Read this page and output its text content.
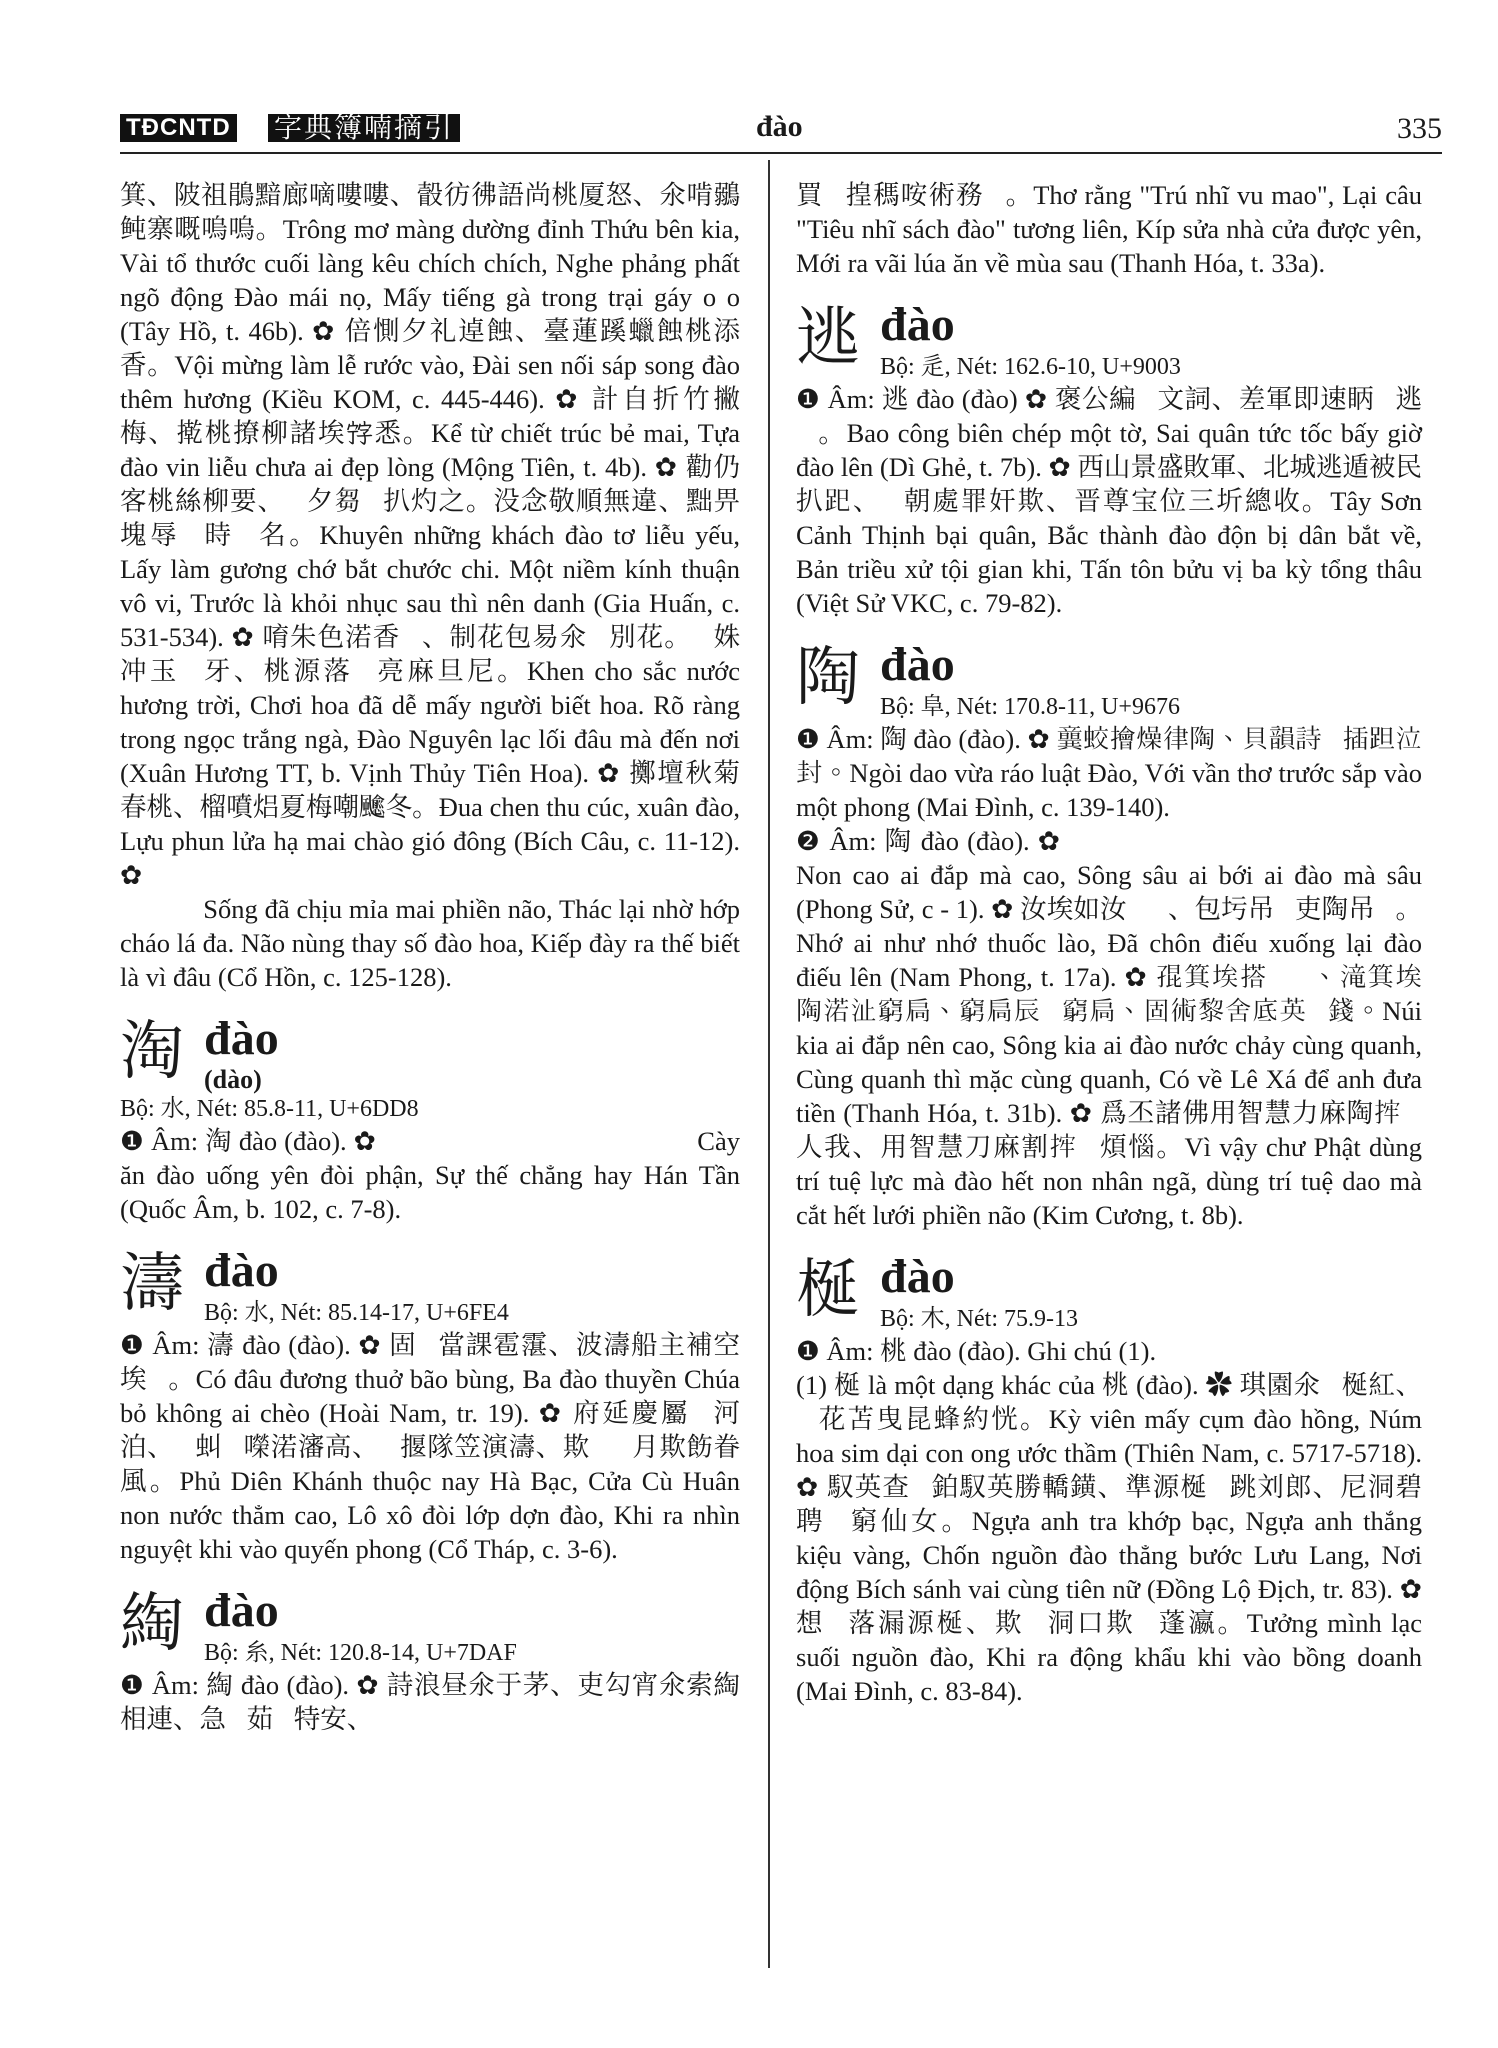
TĐCNTD 字典簿喃摘引	đào	335

箕、陂祖鵑黯廊嘀嘍嘍、瞉彷彿語尚桃厦怒、氽啃鶸鲀寨嘅嗚嗚。Trông mơ màng dường đỉnh Thứu bên kia, Vài tổ thước cuối làng kêu chích chích, Nghe phảng phất ngõ động Đào mái nọ, Mấy tiếng gà trong trại gáy o o (Tây Hồ, t. 46b). ✿ 倍惻夕礼逴蝕、臺蓮蹊蠟蝕桃添香。Vội mừng làm lễ rước vào, Đài sen nối sáp song đào thêm hương (Kiều KOM, c. 445-446). ✿ 計自折竹撇梅、㨴桃撩柳諸埃𡨸悉。Kể từ chiết trúc bẻ mai, Tựa đào vin liễu chưa ai đẹp lòng (Mộng Tiên, t. 4b). ✿ 勸仍客桃絲柳要、𥚄夕芻𦃃扒灼之。没念敬順無違、黜畀塊辱𪛋時𨫊名。Khuyên những khách đào tơ liễu yếu, Lấy làm gương chớ bắt chước chi. Một niềm kính thuận vô vi, Trước là khỏi nhục sau thì nên danh (Gia Huấn, c. 531-534). ✿ 唷朱色渃香𡗶、制花包易氽𢀨別花。𤇊姝冲玉𣎃牙、桃源落𨀈亮麻旦尼。Khen cho sắc nước hương trời, Chơi hoa đã dễ mấy người biết hoa. Rõ ràng trong ngọc trắng ngà, Đào Nguyên lạc lối đâu mà đến nơi (Xuân Hương TT, b. Vịnh Thủy Tiên Hoa). ✿ 擲壇秋菊春桃、榴噴焒夏梅嘲𩙍冬。Đua chen thu cúc, xuân đào, Lựu phun lửa hạ mai chào gió đông (Bích Câu, c. 11-12). ✿ 𤯨包𥚇𪀇枚煩惱、托吏恤哈粿𦹵多、惱濃台效桃花、劫苔𦋦世別𡗉爲兜。Sống đã chịu mỉa mai phiền não, Thác lại nhờ hớp cháo lá đa. Não nùng thay số đào hoa, Kiếp đày ra thế biết là vì đâu (Cổ Hồn, c. 125-128).

淘 đào
(dào)
Bộ: 水, Nét: 85.8-11, U+6DD8

❶ Âm: 淘 đào (đào). ✿ 𥟉咹淘旺安隊分、事世拯咍漢秦。Cày ăn đào uống yên đòi phận, Sự thế chẳng hay Hán Tần (Quốc Âm, b. 102, c. 7-8).

濤 đào
Bộ: 水, Nét: 85.14-17, U+6FE4

❶ Âm: 濤 đào (đào). ✿ 固𦹳當課雹霮、波濤船主補空埃𣵶。Có đâu đương thuở bão bùng, Ba đào thuyền Chúa bỏ không ai chèo (Hoài Nam, tr. 19). ✿ 府延慶屬𣃣河泊、𤀏虯𪓇㘇渃瀋高、𢩮揠隊笠演濤、欺𦋦𧡊月欺飭眷風。Phủ Diên Khánh thuộc nay Hà Bạc, Cửa Cù Huân non nước thẳm cao, Lô xô đòi lớp dợn đào, Khi ra nhìn nguyệt khi vào quyến phong (Cổ Tháp, c. 3-6).

綯 đào
Bộ: 糸, Nét: 120.8-14, U+7DAF

❶ Âm: 綯 đào (đào). ✿ 詩浪昼氽于茅、吏勾宵氽索綯相連、急𢷀茹𤀏特安、

買𦋦揘𥡗咹術務𢽼。Thơ rằng "Trú nhĩ vu mao", Lại câu "Tiêu nhĩ sách đào" tương liên, Kíp sửa nhà cửa được yên, Mới ra vãi lúa ăn về mùa sau (Thanh Hóa, t. 33a).

逃 đào
Bộ: 辵, Nét: 162.6-10, U+9003

❶ Âm: 逃 đào (đào) ✿ 褒公編𢩽文詞、差軍即速眪𣇞逃𨖲。Bao công biên chép một tờ, Sai quân tức tốc bấy giờ đào lên (Dì Ghẻ, t. 7b). ✿ 西山景盛敗軍、北城逃遁被民扒𧿆、𡗶朝處罪奸欺、晋尊宝位三圻總收。Tây Sơn Cảnh Thịnh bại quân, Bắc thành đào độn bị dân bắt về, Bản triều xử tội gian khi, Tấn tôn bửu vị ba kỳ tổng thâu (Việt Sử VKC, c. 79-82).

陶 đào
Bộ: 阜, Nét: 170.8-11, U+9676

❶ Âm: 陶 đào (đào). ✿ 𥫈蛟𢶒燥律陶、貝韻詩𨖲插𨀏泣封。Ngòi dao vừa ráo luật Đào, Với vần thơ trước sắp vào một phong (Mai Đình, c. 139-140).

❷ Âm: 陶 đào (đào). ✿ 𡽫高埃塔𧿨高、滝𣴙埃擺埃陶𧿨𣴙。Non cao ai đắp mà cao, Sông sâu ai bới ai đào mà sâu (Phong Sử, c - 1). ✿ 汝埃如汝𧁷𡨹、包圬吊𤕟吏陶吊𨖲。Nhớ ai như nhớ thuốc lào, Đã chôn điếu xuống lại đào điếu lên (Nam Phong, t. 17a). ✿ 𡥵箕埃搭𨁪𩫛、滝箕埃陶渃沚窮扃、窮扃辰𡗋窮扃、固術黎舍底英𨀈錢。Núi kia ai đắp nên cao, Sông kia ai đào nước chảy cùng quanh, Cùng quanh thì mặc cùng quanh, Có về Lê Xá để anh đưa tiền (Thanh Hóa, t. 31b). ✿ 爲丕諸佛用智慧力麻陶𢭂𡽫人我、用智慧刀麻割𢭂𦀊煩惱。Vì vậy chư Phật dùng trí tuệ lực mà đào hết non nhân ngã, dùng trí tuệ dao mà cắt hết lưới phiền não (Kim Cương, t. 8b).

梴 đào
Bộ: 木, Nét: 75.9-13

❶ Âm: 桃 đào (đào). Ghi chú (1).

(1) 梴 là một dạng khác của 桃 (đào). ✿ 琪園氽𢌌梴紅、𦹵花苫曳昆蜂約恍。Kỳ viên mấy cụm đào hồng, Núm hoa sim dại con ong ước thầm (Thiên Nam, c. 5717-5718). ✿ 馭英查𨫊鉑馭英勝轎鐄、準源梴𣵶跳刘郎、尼洞碧聘𦀊窮仙女。Ngựa anh tra khớp bạc, Ngựa anh thắng kiệu vàng, Chốn nguồn đào thẳng bước Lưu Lang, Nơi động Bích sánh vai cùng tiên nữ (Đồng Lộ Địch, tr. 83). ✿ 想𨉟落漏源梴、欺𦋦洞口欺𨀏蓬瀛。Tưởng mình lạc suối nguồn đào, Khi ra động khẩu khi vào bồng doanh (Mai Đình, c. 83-84).
